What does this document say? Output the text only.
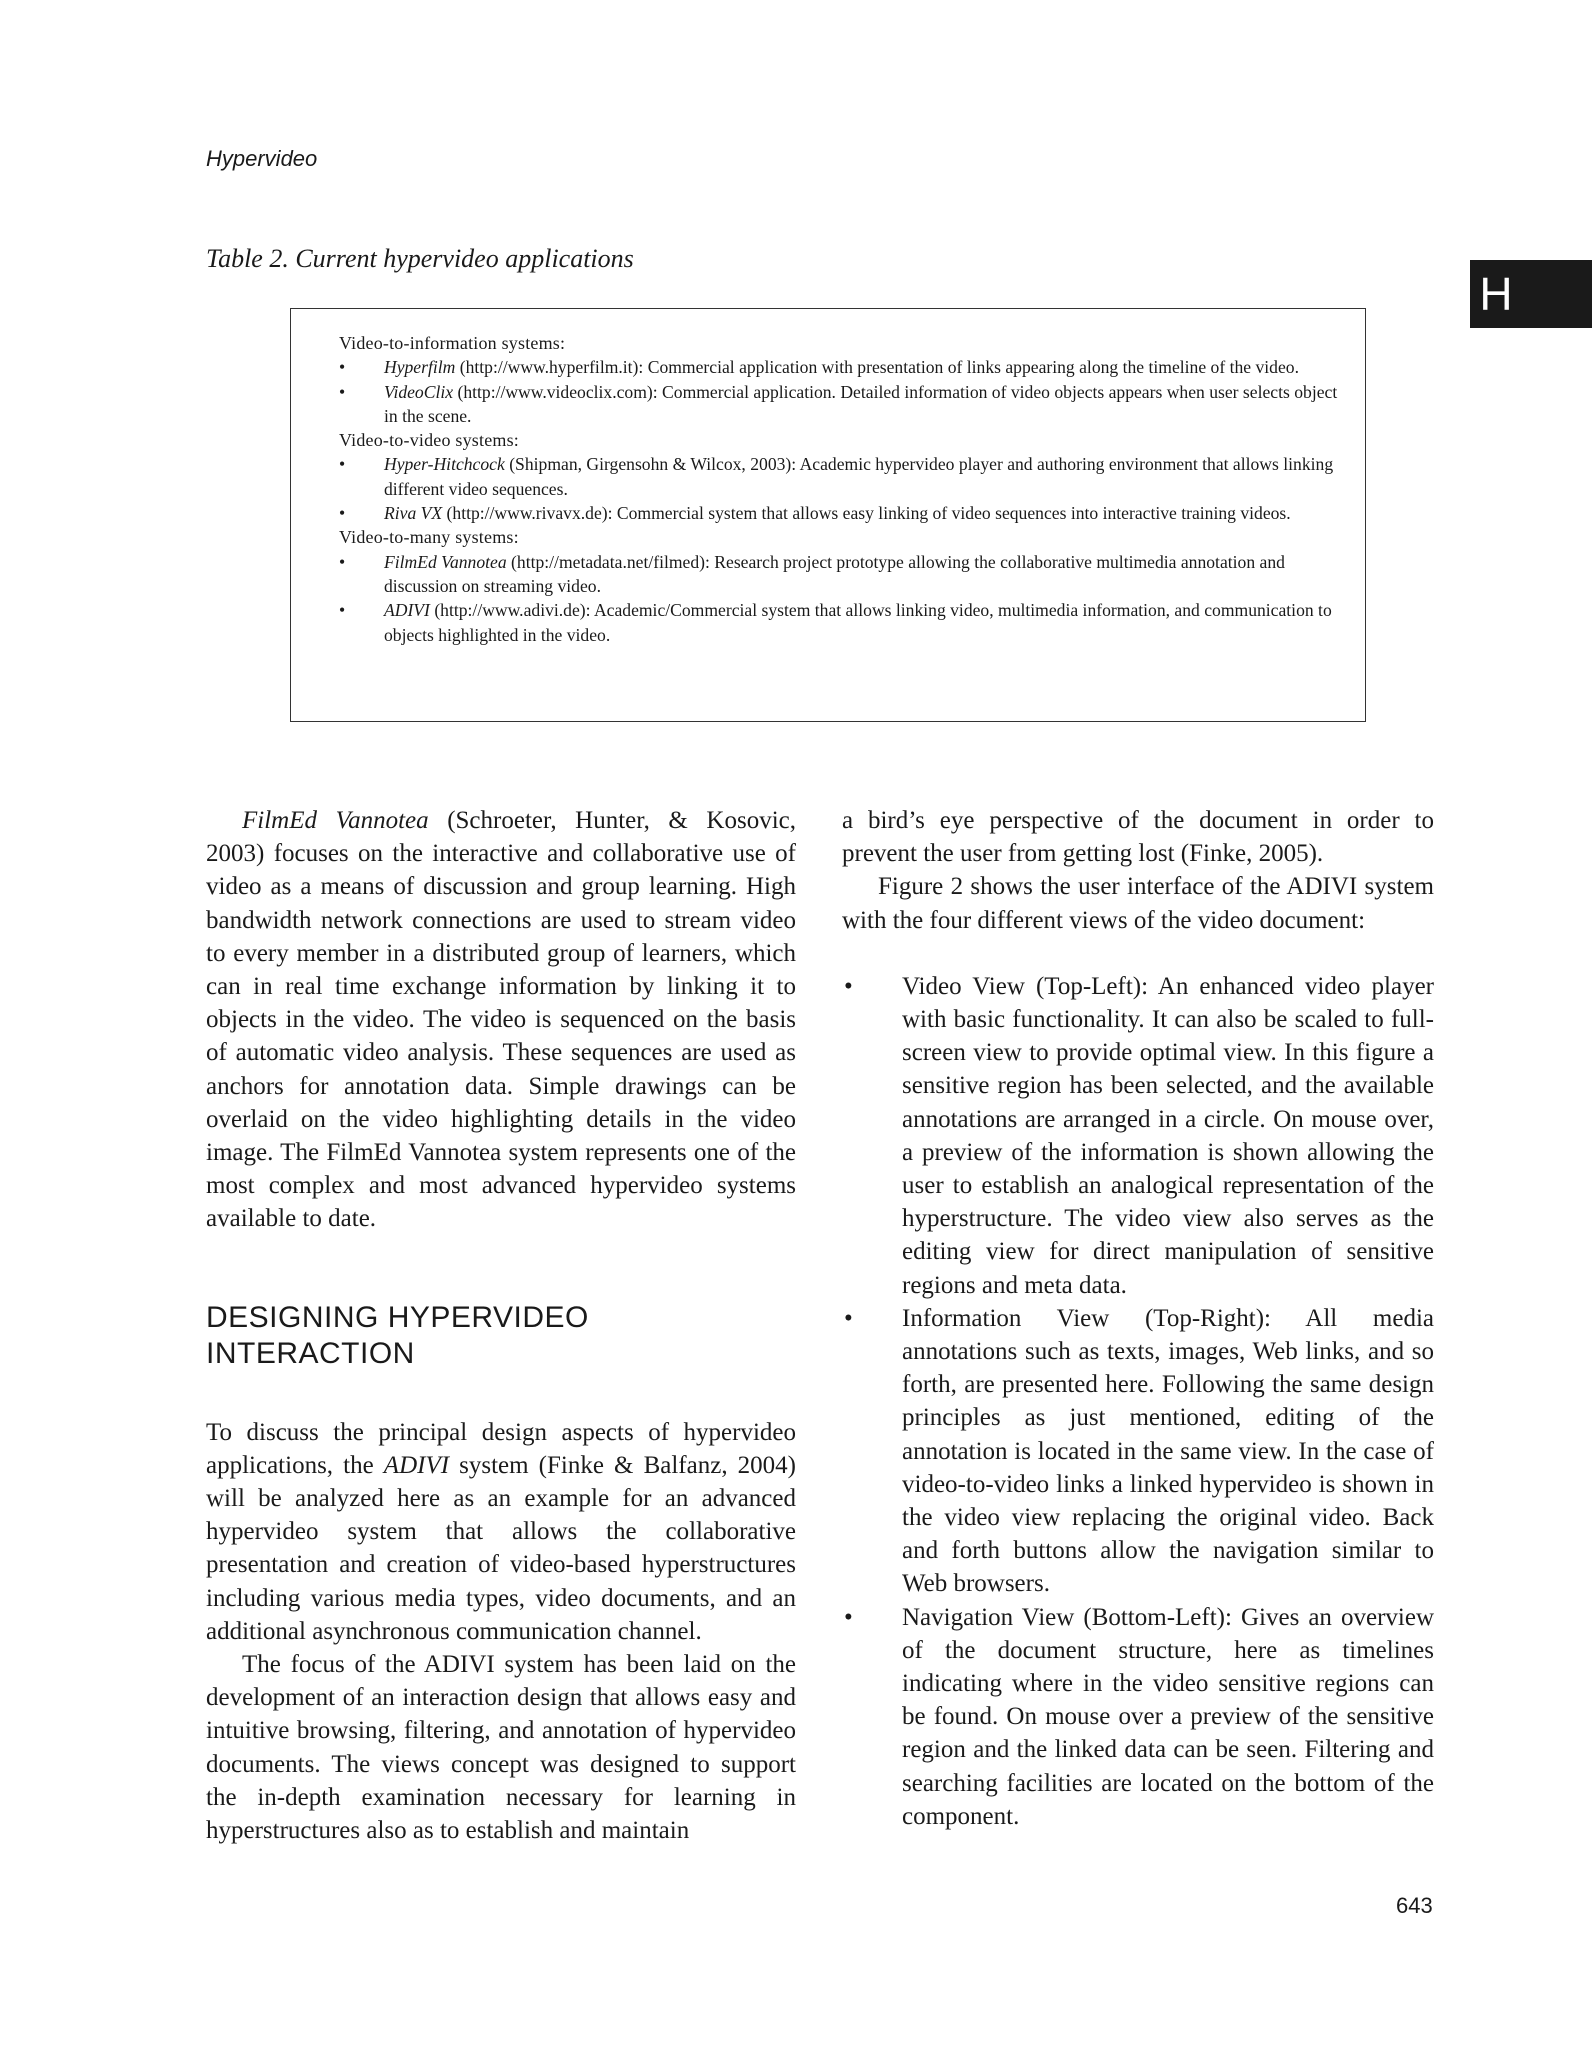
Hypervideo
H
Table 2. Current hypervideo applications
Video-to-information systems:
• Hyperfilm (http://www.hyperfilm.it): Commercial application with presentation of links appearing along the timeline of the video.
• VideoClix (http://www.videoclix.com): Commercial application. Detailed information of video objects appears when user selects object in the scene.
Video-to-video systems:
• Hyper-Hitchcock (Shipman, Girgensohn & Wilcox, 2003): Academic hypervideo player and authoring environment that allows linking different video sequences.
• Riva VX (http://www.rivavx.de): Commercial system that allows easy linking of video sequences into interactive training videos.
Video-to-many systems:
• FilmEd Vannotea (http://metadata.net/filmed): Research project prototype allowing the collaborative multimedia annotation and discussion on streaming video.
• ADIVI (http://www.adivi.de): Academic/Commercial system that allows linking video, multimedia information, and communication to objects highlighted in the video.

FilmEd Vannotea (Schroeter, Hunter, & Kosovic, 2003) focuses on the interactive and collaborative use of video as a means of discussion and group learning. High bandwidth network connections are used to stream video to every member in a distributed group of learners, which can in real time exchange information by linking it to objects in the video. The video is sequenced on the basis of automatic video analysis. These sequences are used as anchors for annotation data. Simple drawings can be overlaid on the video highlighting details in the video image. The FilmEd Vannotea system represents one of the most complex and most advanced hypervideo systems available to date.

DESIGNING HYPERVIDEO INTERACTION

To discuss the principal design aspects of hypervideo applications, the ADIVI system (Finke & Balfanz, 2004) will be analyzed here as an example for an advanced hypervideo system that allows the collaborative presentation and creation of video-based hyperstructures including various media types, video documents, and an additional asynchronous communication channel.

The focus of the ADIVI system has been laid on the development of an interaction design that allows easy and intuitive browsing, filtering, and annotation of hypervideo documents. The views concept was designed to support the in-depth examination necessary for learning in hyperstructures also as to establish and maintain

a bird’s eye perspective of the document in order to prevent the user from getting lost (Finke, 2005).

Figure 2 shows the user interface of the ADIVI system with the four different views of the video document:

• Video View (Top-Left): An enhanced video player with basic functionality. It can also be scaled to full-screen view to provide optimal view. In this figure a sensitive region has been selected, and the available annotations are arranged in a circle. On mouse over, a preview of the information is shown allowing the user to establish an analogical representation of the hyperstructure. The video view also serves as the editing view for direct manipulation of sensitive regions and meta data.
• Information View (Top-Right): All media annotations such as texts, images, Web links, and so forth, are presented here. Following the same design principles as just mentioned, editing of the annotation is located in the same view. In the case of video-to-video links a linked hypervideo is shown in the video view replacing the original video. Back and forth buttons allow the navigation similar to Web browsers.
• Navigation View (Bottom-Left): Gives an overview of the document structure, here as timelines indicating where in the video sensitive regions can be found. On mouse over a preview of the sensitive region and the linked data can be seen. Filtering and searching facilities are located on the bottom of the component.
643
